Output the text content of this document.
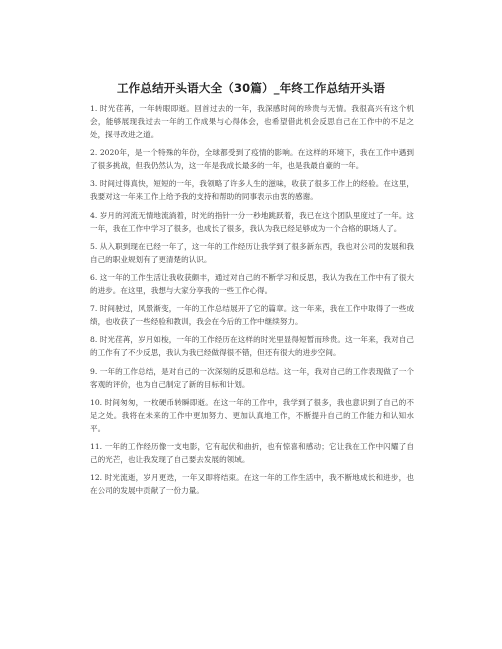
工作总结开头语大全（30篇）_年终工作总结开头语

1. 时光荏苒，一年转眼即逝。回首过去的一年，我深感时间的珍贵与无情。我很高兴有这个机会，能够展现我过去一年的工作成果与心得体会，也希望借此机会反思自己在工作中的不足之处，探寻改进之道。

2. 2020年，是一个特殊的年份，全球都受到了疫情的影响。在这样的环境下，我在工作中遇到了很多挑战，但我仍然认为，这一年是我成长最多的一年，也是我最自豪的一年。

3. 时间过得真快，短短的一年，我领略了许多人生的滋味，收获了很多工作上的经验。在这里，我要对这一年来工作上给予我的支持和帮助的同事表示由衷的感谢。

4. 岁月的河流无情地流淌着，时光的指针一分一秒地跳跃着，我已在这个团队里度过了一年。这一年，我在工作中学习了很多，也成长了很多，我认为我已经足够成为一个合格的职场人了。

5. 从入职到现在已经一年了，这一年的工作经历让我学到了很多新东西，我也对公司的发展和我自己的职业规划有了更清楚的认识。

6. 这一年的工作生活让我收获颇丰，通过对自己的不断学习和反思，我认为我在工作中有了很大的进步。在这里，我想与大家分享我的一些工作心得。

7. 时间驶过，风景渐变，一年的工作总结展开了它的篇章。这一年来，我在工作中取得了一些成绩，也收获了一些经验和教训，我会在今后的工作中继续努力。

8. 时光荏苒，岁月如梭，一年的工作经历在这样的时光里显得短暂而珍贵。这一年来，我对自己的工作有了不少反思，我认为我已经做得很不错，但还有很大的进步空间。

9. 一年的工作总结，是对自己的一次深刻的反思和总结。这一年，我对自己的工作表现做了一个客观的评价，也为自己制定了新的目标和计划。

10. 时间匆匆，一枚硬币转瞬即逝。在这一年的工作中，我学到了很多，我也意识到了自己的不足之处。我将在未来的工作中更加努力、更加认真地工作，不断提升自己的工作能力和认知水平。

11. 一年的工作经历像一支电影，它有起伏和曲折，也有惊喜和感动；它让我在工作中闪耀了自己的光芒，也让我发现了自己要去发展的领域。

12. 时光流逝，岁月更迭，一年又即将结束。在这一年的工作生活中，我不断地成长和进步，也在公司的发展中贡献了一份力量。
